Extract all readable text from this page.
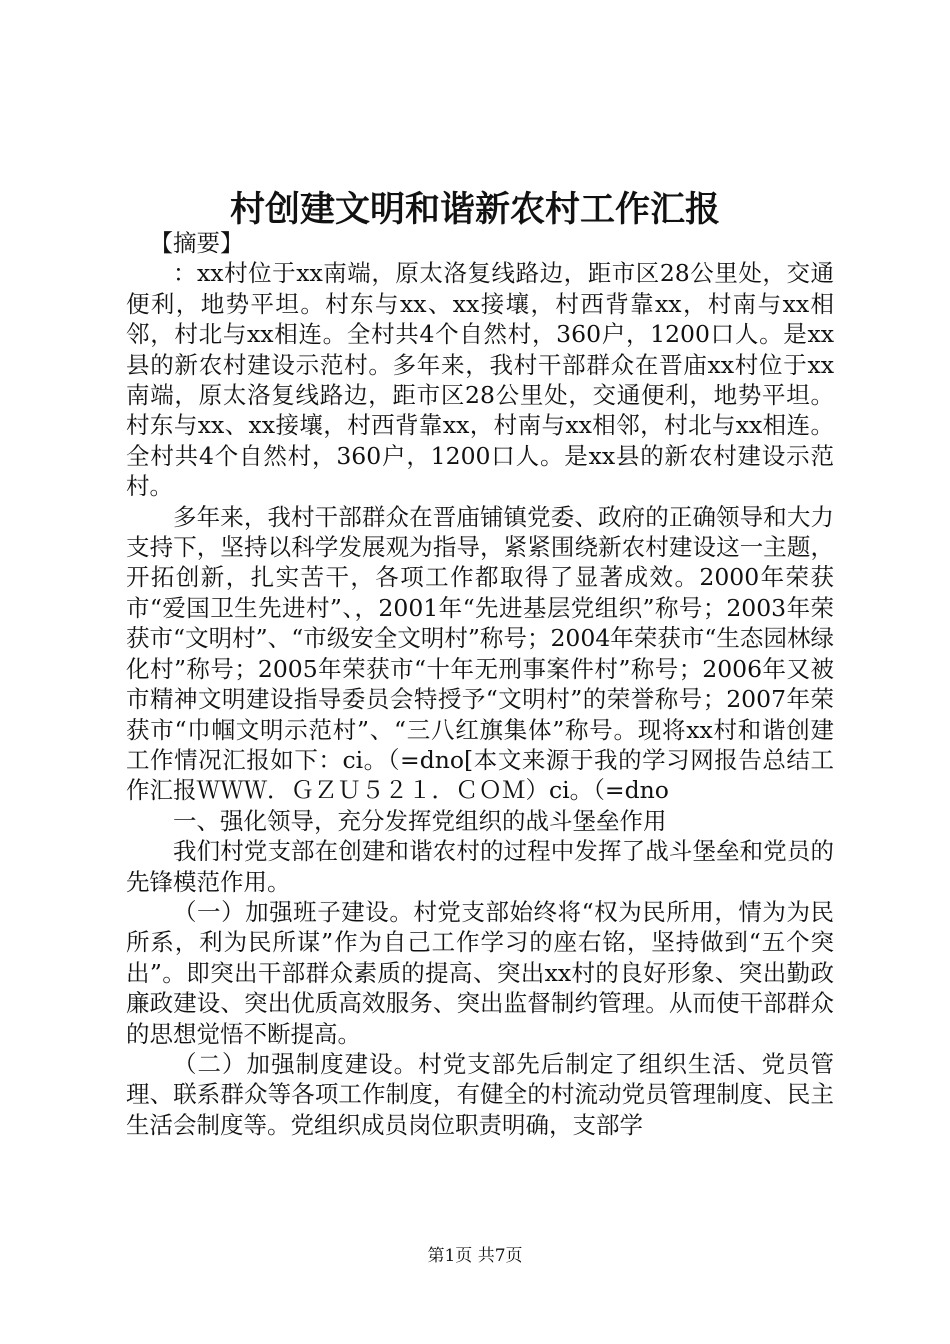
村创建文明和谐新农村工作汇报

【摘要】

：xx村位于xx南端，原太洛复线路边，距市区28公里处，交通便利，地势平坦。村东与xx、xx接壤，村西背靠xx，村南与xx相邻，村北与xx相连。全村共4个自然村，360户，1200口人。是xx县的新农村建设示范村。多年来，我村干部群众在晋庙xx村位于xx南端，原太洛复线路边，距市区28公里处，交通便利，地势平坦。村东与xx、xx接壤，村西背靠xx，村南与xx相邻，村北与xx相连。全村共4个自然村，360户，1200口人。是xx县的新农村建设示范村。

多年来，我村干部群众在晋庙铺镇党委、政府的正确领导和大力支持下，坚持以科学发展观为指导，紧紧围绕新农村建设这一主题，开拓创新，扎实苦干，各项工作都取得了显著成效。2000年荣获市“爱国卫生先进村”、，2001年“先进基层党组织”称号；2003年荣获市“文明村”、“市级安全文明村”称号；2004年荣获市“生态园林绿化村”称号；2005年荣获市“十年无刑事案件村”称号；2006年又被市精神文明建设指导委员会特授予“文明村”的荣誉称号；2007年荣获市“巾帼文明示范村”、“三八红旗集体”称号。现将xx村和谐创建工作情况汇报如下：ci。（=dno[本文来源于我的学习网报告总结工作汇报ＷＷＷ．ＧＺＵ５２１．ＣＯＭ）ci。（=dno

一、强化领导，充分发挥党组织的战斗堡垒作用

我们村党支部在创建和谐农村的过程中发挥了战斗堡垒和党员的先锋模范作用。

（一）加强班子建设。村党支部始终将“权为民所用，情为为民所系，利为民所谋”作为自己工作学习的座右铭，坚持做到“五个突出”。即突出干部群众素质的提高、突出xx村的良好形象、突出勤政廉政建设、突出优质高效服务、突出监督制约管理。从而使干部群众的思想觉悟不断提高。

（二）加强制度建设。村党支部先后制定了组织生活、党员管理、联系群众等各项工作制度，有健全的村流动党员管理制度、民主生活会制度等。党组织成员岗位职责明确，支部学

第1页 共7页
